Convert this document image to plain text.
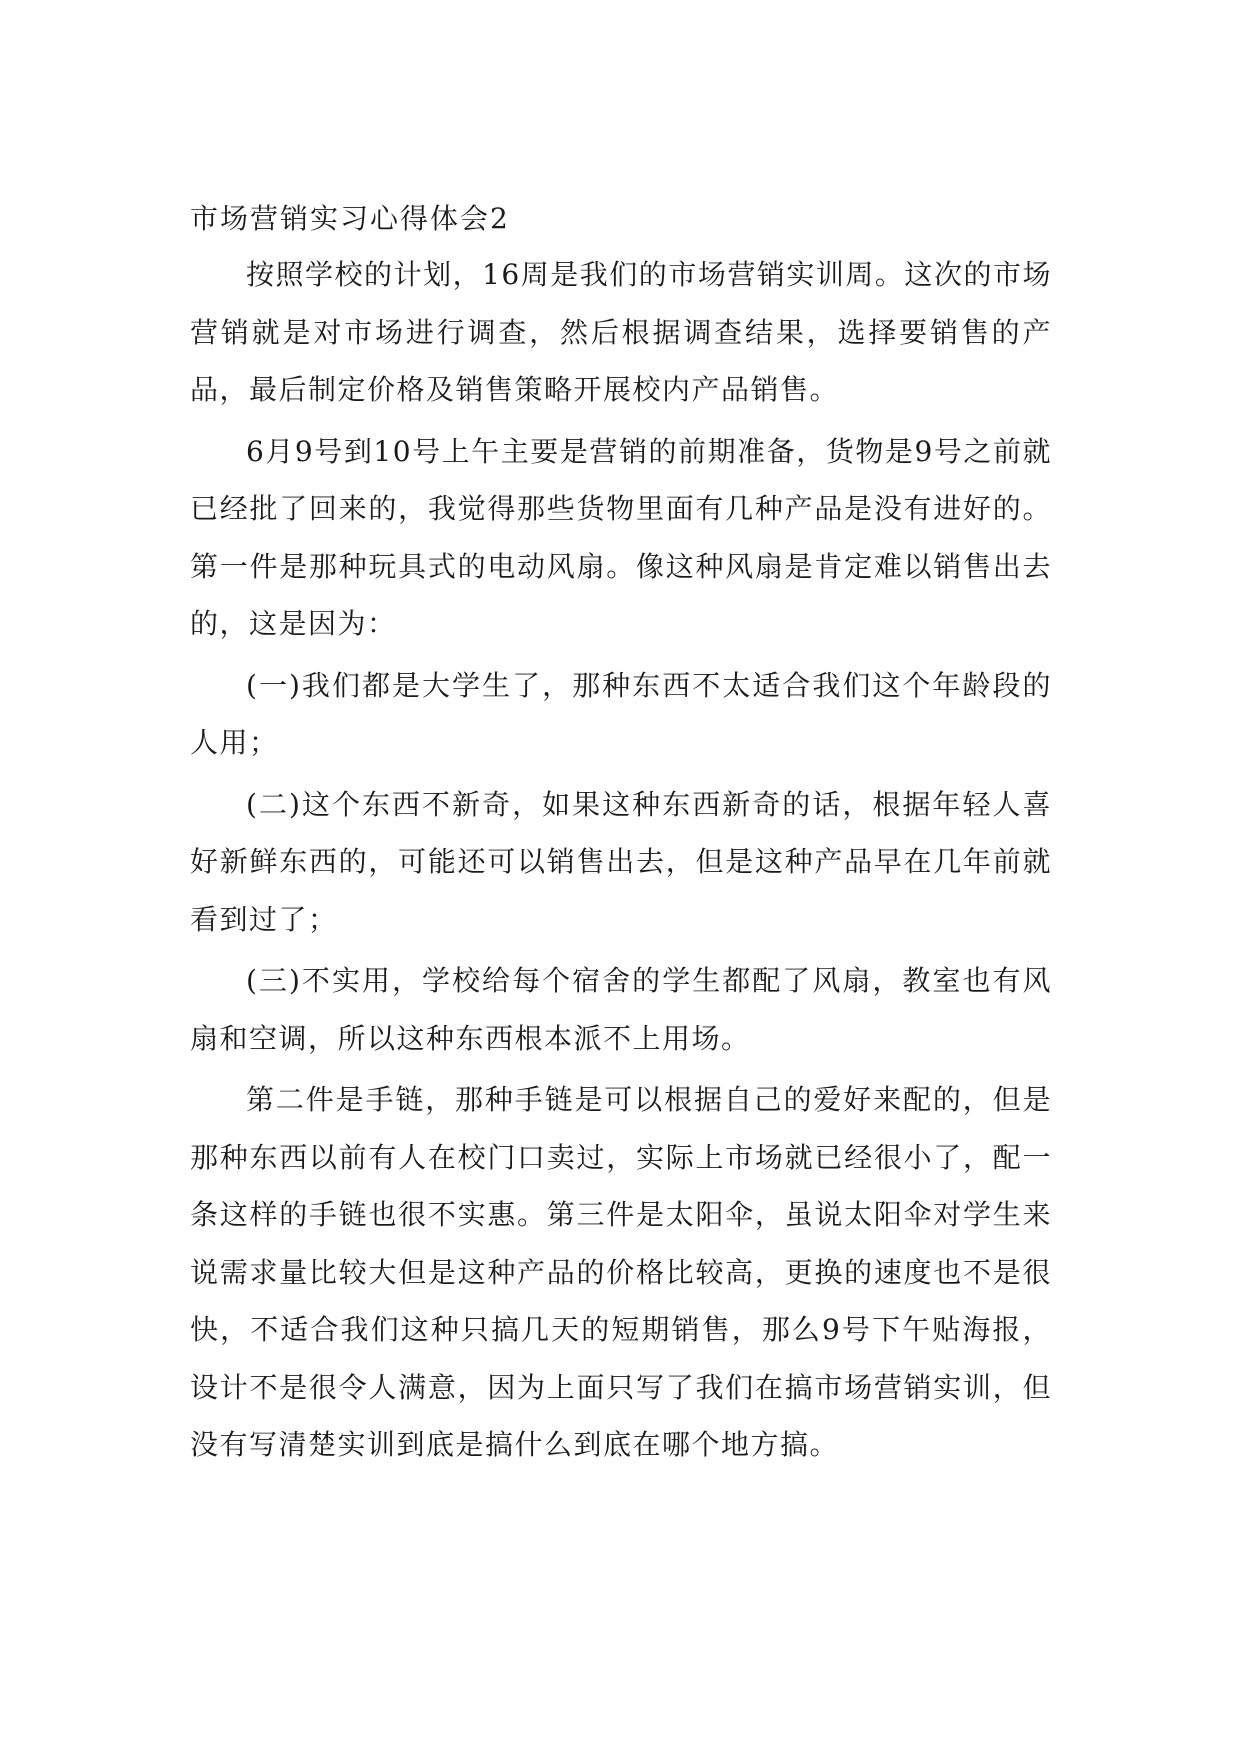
市场营销实习心得体会2

按照学校的计划，16周是我们的市场营销实训周。这次的市场营销就是对市场进行调查，然后根据调查结果，选择要销售的产品，最后制定价格及销售策略开展校内产品销售。

6月9号到10号上午主要是营销的前期准备，货物是9号之前就已经批了回来的，我觉得那些货物里面有几种产品是没有进好的。第一件是那种玩具式的电动风扇。像这种风扇是肯定难以销售出去的，这是因为：

(一)我们都是大学生了，那种东西不太适合我们这个年龄段的人用；

(二)这个东西不新奇，如果这种东西新奇的话，根据年轻人喜好新鲜东西的，可能还可以销售出去，但是这种产品早在几年前就看到过了；

(三)不实用，学校给每个宿舍的学生都配了风扇，教室也有风扇和空调，所以这种东西根本派不上用场。

第二件是手链，那种手链是可以根据自己的爱好来配的，但是那种东西以前有人在校门口卖过，实际上市场就已经很小了，配一条这样的手链也很不实惠。第三件是太阳伞，虽说太阳伞对学生来说需求量比较大但是这种产品的价格比较高，更换的速度也不是很快，不适合我们这种只搞几天的短期销售，那么9号下午贴海报，设计不是很令人满意，因为上面只写了我们在搞市场营销实训，但没有写清楚实训到底是搞什么到底在哪个地方搞。
